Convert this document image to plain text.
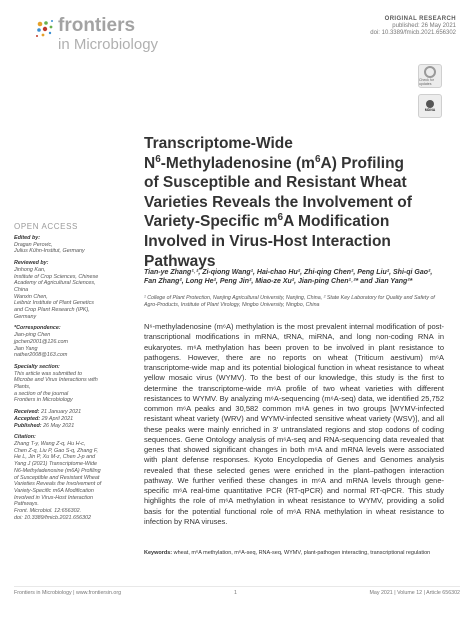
frontiers
in Microbiology
ORIGINAL RESEARCH
published: 26 May 2021
doi: 10.3389/fmicb.2021.656302
Check for updates
MDNA
Transcriptome-Wide
$N^6$-Methyladenosine $(m^6A)$ Profiling
of Susceptible and Resistant Wheat
Varieties Reveals the Involvement of
Variety-Specific $m^6A$ Modification
Involved in Virus-Host Interaction
Pathways
OPEN ACCESS
Edited by:
Dragan Perovic,
Julius Kühn-Institut, Germany
Reviewed by:
Jinhong Kan,
Institute of Crop Sciences, Chinese
Academy of Agricultural Sciences,
China
Wanxin Chen,
Leibniz Institute of Plant Genetics
and Crop Plant Research (IPK),
Germany
*Correspondence:
Jian-ping Chen
jpchen2001@126.com
Jian Yang
nather2008@163.com
Specialty section:
This article was submitted to
Microbe and Virus Interactions with
Plants,
a section of the journal
Frontiers in Microbiology
Received: 21 January 2021
Accepted: 29 April 2021
Published: 26 May 2021
Citation:
Zhang T-y, Wang Z-q, Hu H-c,
Chen Z-q, Liu P, Gao S-q, Zhang F,
He L, Jin P, Xu M-z, Chen J-p and
Yang J (2021) Transcriptome-Wide
N6-Methyladenosine (m6A) Profiling
of Susceptible and Resistant Wheat
Varieties Reveals the Involvement of
Variety-Specific m6A Modification
Involved in Virus-Host Interaction
Pathways.
Front. Microbiol. 12:656302.
doi: 10.3389/fmicb.2021.656302

Tian-ye Zhang¹˒², Zi-qiong Wang¹, Hai-chao Hu², Zhi-qing Chen², Peng Liu², Shi-qi Gao², Fan Zhang², Long He², Peng Jin², Miao-ze Xu², Jian-ping Chen¹˒²* and Jian Yang²*

¹ College of Plant Protection, Nanjing Agricultural University, Nanjing, China, ² State Key Laboratory for Quality and Safety of Agro-Products, Institute of Plant Virology, Ningbo University, Ningbo, China

N⁶-methyladenosine (m⁶A) methylation is the most prevalent internal modification of post-transcriptional modifications in mRNA, tRNA, miRNA, and long non-coding RNA in eukaryotes. m⁶A methylation has been proven to be involved in plant resistance to pathogens. However, there are no reports on wheat (Triticum aestivum) m⁶A transcriptome-wide map and its potential biological function in wheat resistance to wheat yellow mosaic virus (WYMV). To the best of our knowledge, this study is the first to determine the transcriptome-wide m⁶A profile of two wheat varieties with different resistances to WYMV. By analyzing m⁶A-sequencing (m⁶A-seq) data, we identified 25,752 common m⁶A peaks and 30,582 common m⁶A genes in two groups [WYMV-infected resistant wheat variety (WRV) and WYMV-infected sensitive wheat variety (WSV)], and all these peaks were mainly enriched in 3′ untranslated regions and stop codons of coding sequences. Gene Ontology analysis of m⁶A-seq and RNA-sequencing data revealed that genes that showed significant changes in both m⁶A and mRNA levels were associated with plant defense responses. Kyoto Encyclopedia of Genes and Genomes analysis revealed that these selected genes were enriched in the plant–pathogen interaction pathway. We further verified these changes in m⁶A and mRNA levels through gene-specific m⁶A real-time quantitative PCR (RT-qPCR) and normal RT-qPCR. This study highlights the role of m⁶A methylation in wheat resistance to WYMV, providing a solid basis for the potential functional role of m⁶A RNA methylation in wheat resistance to infection by RNA viruses.

Keywords: wheat, m⁶A methylation, m⁶A-seq, RNA-seq, WYMV, plant-pathogen interacting, transcriptional regulation

Frontiers in Microbiology | www.frontiersin.org	1	May 2021 | Volume 12 | Article 656302
